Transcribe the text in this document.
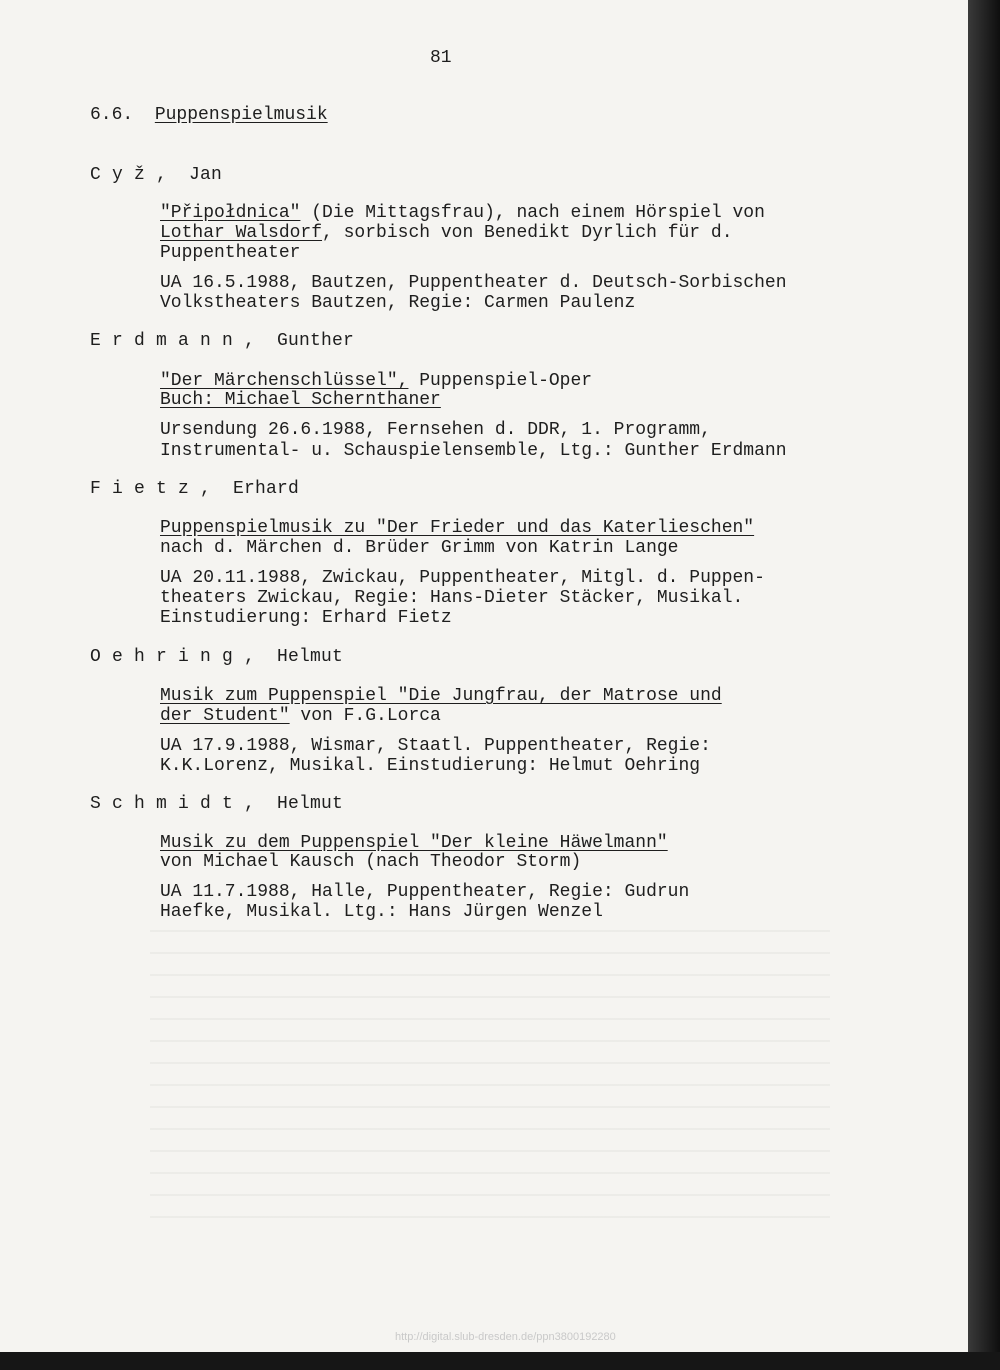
81
6.6. Puppenspielmusik
C y ž ,  Jan
"Připołdnica" (Die Mittagsfrau), nach einem Hörspiel von
Lothar Walsdorf, sorbisch von Benedikt Dyrlich für d.
Puppentheater
UA 16.5.1988, Bautzen, Puppentheater d. Deutsch-Sorbischen
Volkstheaters Bautzen, Regie: Carmen Paulenz
E r d m a n n ,  Gunther
"Der Märchenschlüssel", Puppenspiel-Oper
Buch: Michael Schernthaner
Ursendung 26.6.1988, Fernsehen d. DDR, 1. Programm,
Instrumental- u. Schauspielensemble, Ltg.: Gunther Erdmann
F i e t z ,  Erhard
Puppenspielmusik zu "Der Frieder und das Katerlieschen"
nach d. Märchen d. Brüder Grimm von Katrin Lange
UA 20.11.1988, Zwickau, Puppentheater, Mitgl. d. Puppen-
theaters Zwickau, Regie: Hans-Dieter Stäcker, Musikal.
Einstudierung: Erhard Fietz
O e h r i n g ,  Helmut
Musik zum Puppenspiel "Die Jungfrau, der Matrose und
der Student" von F.G.Lorca
UA 17.9.1988, Wismar, Staatl. Puppentheater, Regie:
K.K.Lorenz, Musikal. Einstudierung: Helmut Oehring
S c h m i d t ,  Helmut
Musik zu dem Puppenspiel "Der kleine Häwelmann"
von Michael Kausch (nach Theodor Storm)
UA 11.7.1988, Halle, Puppentheater, Regie: Gudrun
Haefke, Musikal. Ltg.: Hans Jürgen Wenzel
http://digital.slub-dresden.de/ppn3800192280
